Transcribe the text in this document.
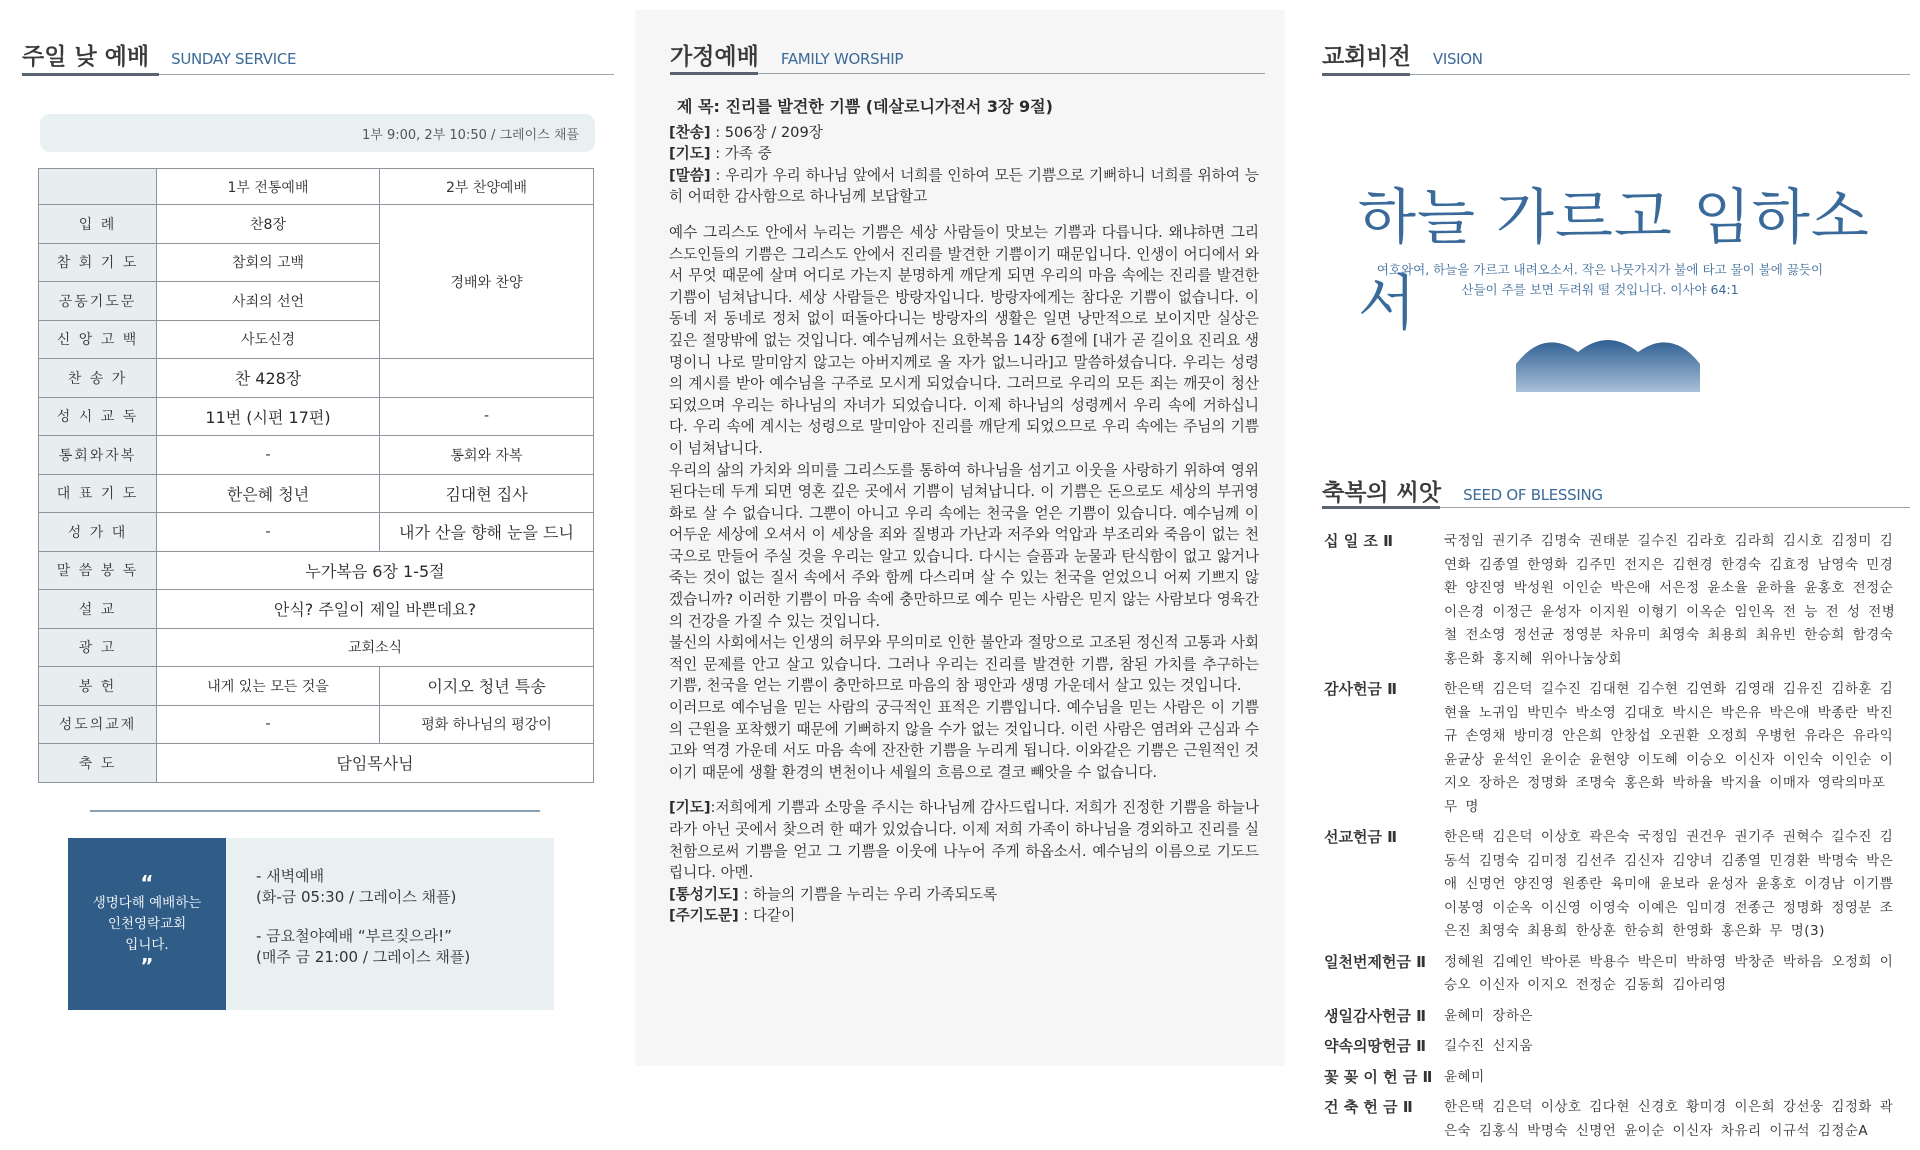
주일 낮 예배 SUNDAY SERVICE
1부 9:00, 2부 10:50 / 그레이스 채플
	1부 전통예배	2부 찬양예배
입 례	찬8장	경배와 찬양
참 회 기 도	참회의 고백	
공동기도문	사죄의 선언	
신 앙 고 백	사도신경	
찬 송 가	찬 428장	
성 시 교 독	11번 (시편 17편)	-
통회와자복	-	통회와 자복
대 표 기 도	한은혜 청년	김대현 집사
성 가 대	-	내가 산을 향해 눈을 드니
말 씀 봉 독	누가복음 6장 1-5절	
설 교	안식? 주일이 제일 바쁜데요?	
광 고	교회소식	
봉 헌	내게 있는 모든 것을	이지오 청년 특송
성도의교제	-	평화 하나님의 평강이
축 도	담임목사님	
“
생명다해 예배하는
인천영락교회
입니다.
”
- 새벽예배
(화-금 05:30 / 그레이스 채플)
- 금요철야예배 “부르짖으라!”
(매주 금 21:00 / 그레이스 채플)
가정예배 FAMILY WORSHIP
제 목: 진리를 발견한 기쁨 (데살로니가전서 3장 9절)
[찬송] : 506장 / 209장
[기도] : 가족 중
[말씀] : 우리가 우리 하나님 앞에서 너희를 인하여 모든 기쁨으로 기뻐하니 너희를 위하여 능히 어떠한 감사함으로 하나님께 보답할고
예수 그리스도 안에서 누리는 기쁨은 세상 사람들이 맛보는 기쁨과 다릅니다. 왜냐하면 그리스도인들의 기쁨은 그리스도 안에서 진리를 발견한 기쁨이기 때문입니다. 인생이 어디에서 와서 무엇 때문에 살며 어디로 가는지 분명하게 깨닫게 되면 우리의 마음 속에는 진리를 발견한 기쁨이 넘쳐납니다. 세상 사람들은 방랑자입니다. 방랑자에게는 참다운 기쁨이 없습니다. 이 동네 저 동네로 정처 없이 떠돌아다니는 방랑자의 생활은 일면 낭만적으로 보이지만 실상은 깊은 절망밖에 없는 것입니다. 예수님께서는 요한복음 14장 6절에 [내가 곧 길이요 진리요 생명이니 나로 말미암지 않고는 아버지께로 올 자가 없느니라]고 말씀하셨습니다. 우리는 성령의 계시를 받아 예수님을 구주로 모시게 되었습니다. 그러므로 우리의 모든 죄는 깨끗이 청산되었으며 우리는 하나님의 자녀가 되었습니다. 이제 하나님의 성령께서 우리 속에 거하십니다. 우리 속에 계시는 성령으로 말미암아 진리를 깨닫게 되었으므로 우리 속에는 주님의 기쁨이 넘쳐납니다.
우리의 삶의 가치와 의미를 그리스도를 통하여 하나님을 섬기고 이웃을 사랑하기 위하여 영위된다는데 두게 되면 영혼 깊은 곳에서 기쁨이 넘쳐납니다. 이 기쁨은 돈으로도 세상의 부귀영화로 살 수 없습니다. 그뿐이 아니고 우리 속에는 천국을 얻은 기쁨이 있습니다. 예수님께 이 어두운 세상에 오셔서 이 세상을 죄와 질병과 가난과 저주와 억압과 부조리와 죽음이 없는 천국으로 만들어 주실 것을 우리는 알고 있습니다. 다시는 슬픔과 눈물과 탄식함이 없고 앓거나 죽는 것이 없는 질서 속에서 주와 함께 다스리며 살 수 있는 천국을 얻었으니 어찌 기쁘지 않겠습니까? 이러한 기쁨이 마음 속에 충만하므로 예수 믿는 사람은 믿지 않는 사람보다 영육간의 건강을 가질 수 있는 것입니다.
불신의 사회에서는 인생의 허무와 무의미로 인한 불안과 절망으로 고조된 정신적 고통과 사회적인 문제를 안고 살고 있습니다. 그러나 우리는 진리를 발견한 기쁨, 참된 가치를 추구하는 기쁨, 천국을 얻는 기쁨이 충만하므로 마음의 참 평안과 생명 가운데서 살고 있는 것입니다.
이러므로 예수님을 믿는 사람의 궁극적인 표적은 기쁨입니다. 예수님을 믿는 사람은 이 기쁨의 근원을 포착했기 때문에 기뻐하지 않을 수가 없는 것입니다. 이런 사람은 염려와 근심과 수고와 역경 가운데 서도 마음 속에 잔잔한 기쁨을 누리게 됩니다. 이와같은 기쁨은 근원적인 것이기 때문에 생활 환경의 변천이나 세월의 흐름으로 결코 빼앗을 수 없습니다.
[기도]:저희에게 기쁨과 소망을 주시는 하나님께 감사드립니다. 저희가 진정한 기쁨을 하늘나라가 아닌 곳에서 찾으려 한 때가 있었습니다. 이제 저희 가족이 하나님을 경외하고 진리를 실천함으로써 기쁨을 얻고 그 기쁨을 이웃에 나누어 주게 하옵소서. 예수님의 이름으로 기도드립니다. 아멘.
[통성기도] : 하늘의 기쁨을 누리는 우리 가족되도록
[주기도문] : 다같이
교회비전 VISION
축복의 씨앗 SEED OF BLESSING
하늘 가르고 임하소서
여호와여, 하늘을 가르고 내려오소서. 작은 나뭇가지가 불에 타고 물이 불에 끓듯이
산들이 주를 보면 두려워 떨 것입니다. 이사야 64:1
십 일 조 Ⅱ	국정임 권기주 김명숙 권태분 길수진 김라호 김라희 김시호 김정미 김연화 김종열 한영화 김주민 전지은 김현경 한경숙 김효정 남영숙 민경환 양진영 박성원 이인순 박은애 서은정 윤소율 윤하율 윤홍호 전정순 이은경 이정근 윤성자 이지원 이형기 이옥순 임인옥 전 능 전 성 전병철 전소영 정선균 정영분 차유미 최영숙 최용희 최유빈 한승희 함경숙 홍은화 홍지혜 위아나눔상회
감사헌금 Ⅱ	한은택 김은덕 길수진 김대현 김수현 김연화 김영래 김유진 김하훈 김현율 노귀임 박민수 박소영 김대호 박시은 박은유 박은애 박종란 박진규 손영채 방미경 안은희 안창섭 오권환 오정희 우병헌 유라은 유라익 윤균상 윤석인 윤이순 윤현양 이도혜 이승오 이신자 이인숙 이인순 이지오 장하은 정명화 조명숙 홍은화 박하율 박지율 이매자 영락의마포 무 명
선교헌금 Ⅱ	한은택 김은덕 이상호 곽은숙 국정임 권건우 권기주 권혁수 길수진 김동석 김명숙 김미정 김선주 김신자 김양녀 김종열 민경환 박명숙 박은애 신명언 양진영 원종란 육미애 윤보라 윤성자 윤홍호 이경남 이기쁨 이봉영 이순옥 이신영 이영숙 이예은 임미경 전종근 정명화 정영분 조은진 최영숙 최용희 한상훈 한승희 한영화 홍은화 무 명(3)
일천번제헌금 Ⅱ	정혜원 김예인 박아론 박용수 박은미 박하영 박창준 박하음 오정희 이승오 이신자 이지오 전정순 김동희 김아리영
생일감사헌금 Ⅱ	윤혜미 장하은
약속의땅헌금 Ⅱ	길수진 신지움
꽃 꽂 이 헌 금 Ⅱ 윤혜미
건 축 헌 금 Ⅱ	한은택 김은덕 이상호 김다현 신경호 황미경 이은희 강선웅 김정화 곽은숙 김홍식 박명숙 신명언 윤이순 이신자 차유리 이규석 김정순A
